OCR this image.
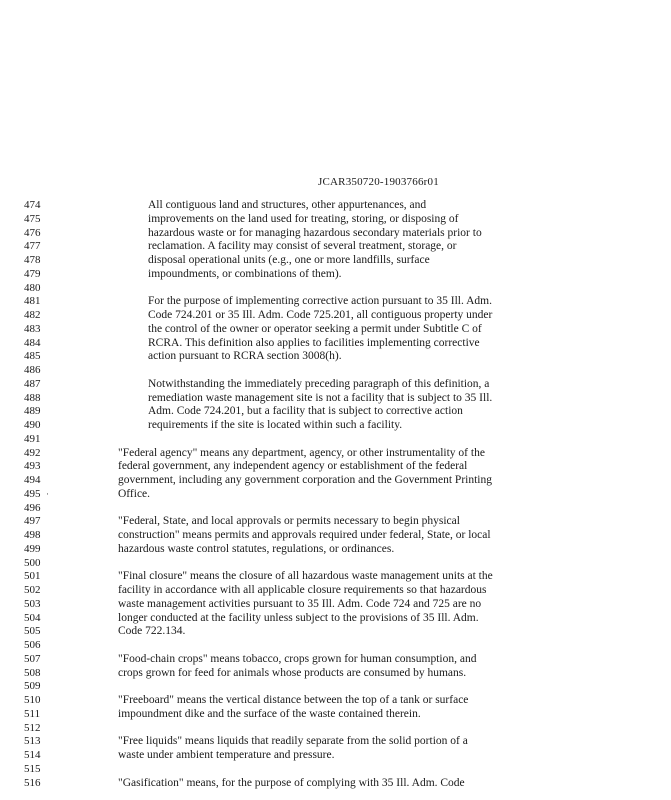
JCAR350720-1903766r01
474	All contiguous land and structures, other appurtenances, and
475	improvements on the land used for treating, storing, or disposing of
476	hazardous waste or for managing hazardous secondary materials prior to
477	reclamation. A facility may consist of several treatment, storage, or
478	disposal operational units (e.g., one or more landfills, surface
479	impoundments, or combinations of them).
480
481	For the purpose of implementing corrective action pursuant to 35 Ill. Adm.
482	Code 724.201 or 35 Ill. Adm. Code 725.201, all contiguous property under
483	the control of the owner or operator seeking a permit under Subtitle C of
484	RCRA. This definition also applies to facilities implementing corrective
485	action pursuant to RCRA section 3008(h).
486
487	Notwithstanding the immediately preceding paragraph of this definition, a
488	remediation waste management site is not a facility that is subject to 35 Ill.
489	Adm. Code 724.201, but a facility that is subject to corrective action
490	requirements if the site is located within such a facility.
491
492	"Federal agency" means any department, agency, or other instrumentality of the
493	federal government, any independent agency or establishment of the federal
494	government, including any government corporation and the Government Printing
495	Office.
496
497	"Federal, State, and local approvals or permits necessary to begin physical
498	construction" means permits and approvals required under federal, State, or local
499	hazardous waste control statutes, regulations, or ordinances.
500
501	"Final closure" means the closure of all hazardous waste management units at the
502	facility in accordance with all applicable closure requirements so that hazardous
503	waste management activities pursuant to 35 Ill. Adm. Code 724 and 725 are no
504	longer conducted at the facility unless subject to the provisions of 35 Ill. Adm.
505	Code 722.134.
506
507	"Food-chain crops" means tobacco, crops grown for human consumption, and
508	crops grown for feed for animals whose products are consumed by humans.
509
510	"Freeboard" means the vertical distance between the top of a tank or surface
511	impoundment dike and the surface of the waste contained therein.
512
513	"Free liquids" means liquids that readily separate from the solid portion of a
514	waste under ambient temperature and pressure.
515
516	"Gasification" means, for the purpose of complying with 35 Ill. Adm. Code
·
